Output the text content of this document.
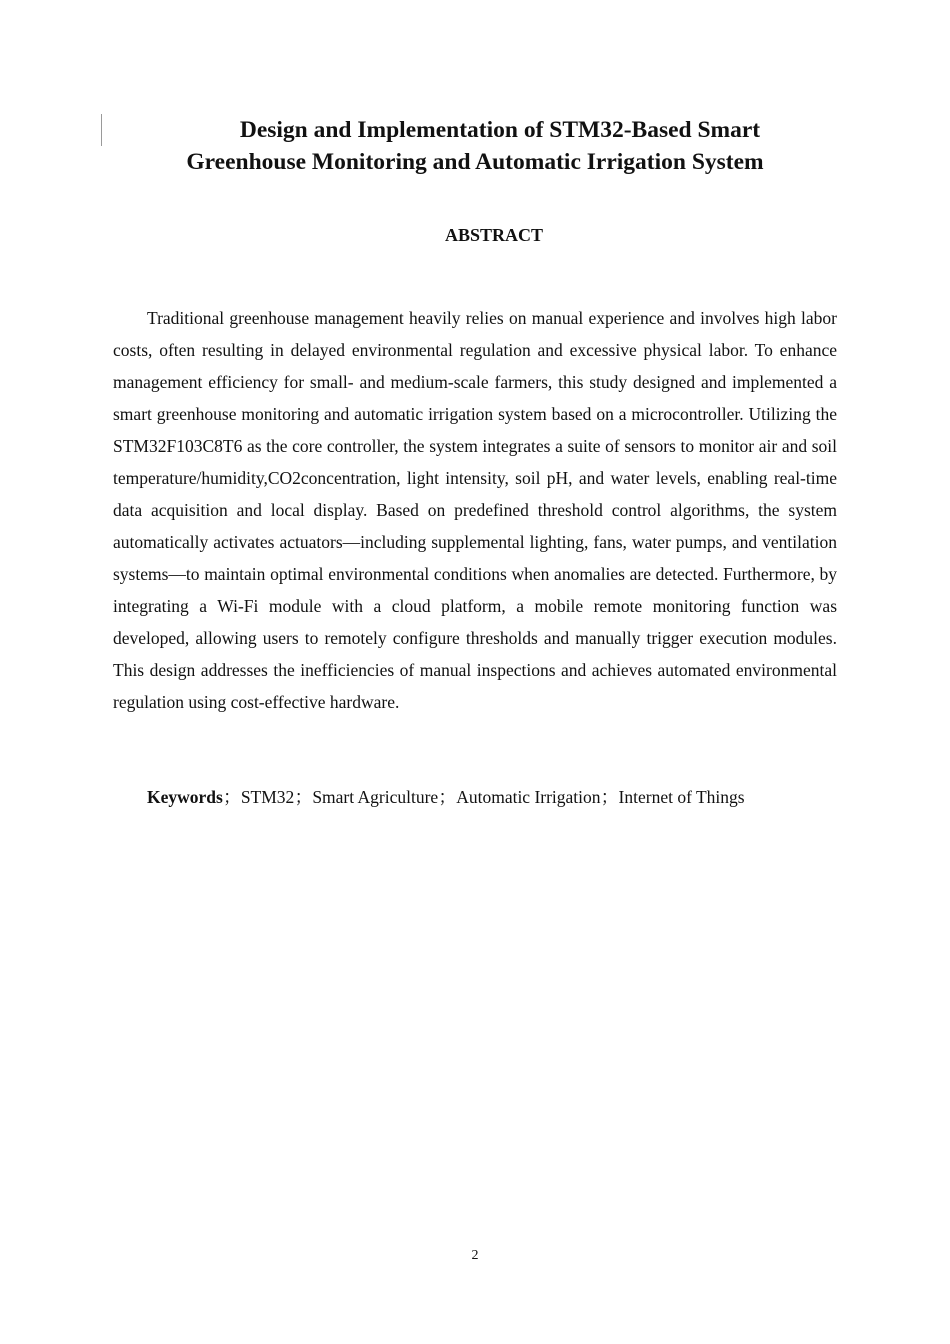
Design and Implementation of STM32-Based Smart
Greenhouse Monitoring and Automatic Irrigation System
ABSTRACT

Traditional greenhouse management heavily relies on manual experience and involves high labor costs, often resulting in delayed environmental regulation and excessive physical labor. To enhance management efficiency for small- and medium-scale farmers, this study designed and implemented a smart greenhouse monitoring and automatic irrigation system based on a microcontroller. Utilizing the STM32F103C8T6 as the core controller, the system integrates a suite of sensors to monitor air and soil temperature/humidity,CO2concentration, light intensity, soil pH, and water levels, enabling real-time data acquisition and local display. Based on predefined threshold control algorithms, the system automatically activates actuators—including supplemental lighting, fans, water pumps, and ventilation systems—to maintain optimal environmental conditions when anomalies are detected. Furthermore, by integrating a Wi-Fi module with a cloud platform, a mobile remote monitoring function was developed, allowing users to remotely configure thresholds and manually trigger execution modules. This design addresses the inefficiencies of manual inspections and achieves automated environmental regulation using cost-effective hardware.

Keywords；STM32；Smart Agriculture；Automatic Irrigation；Internet of Things

2
